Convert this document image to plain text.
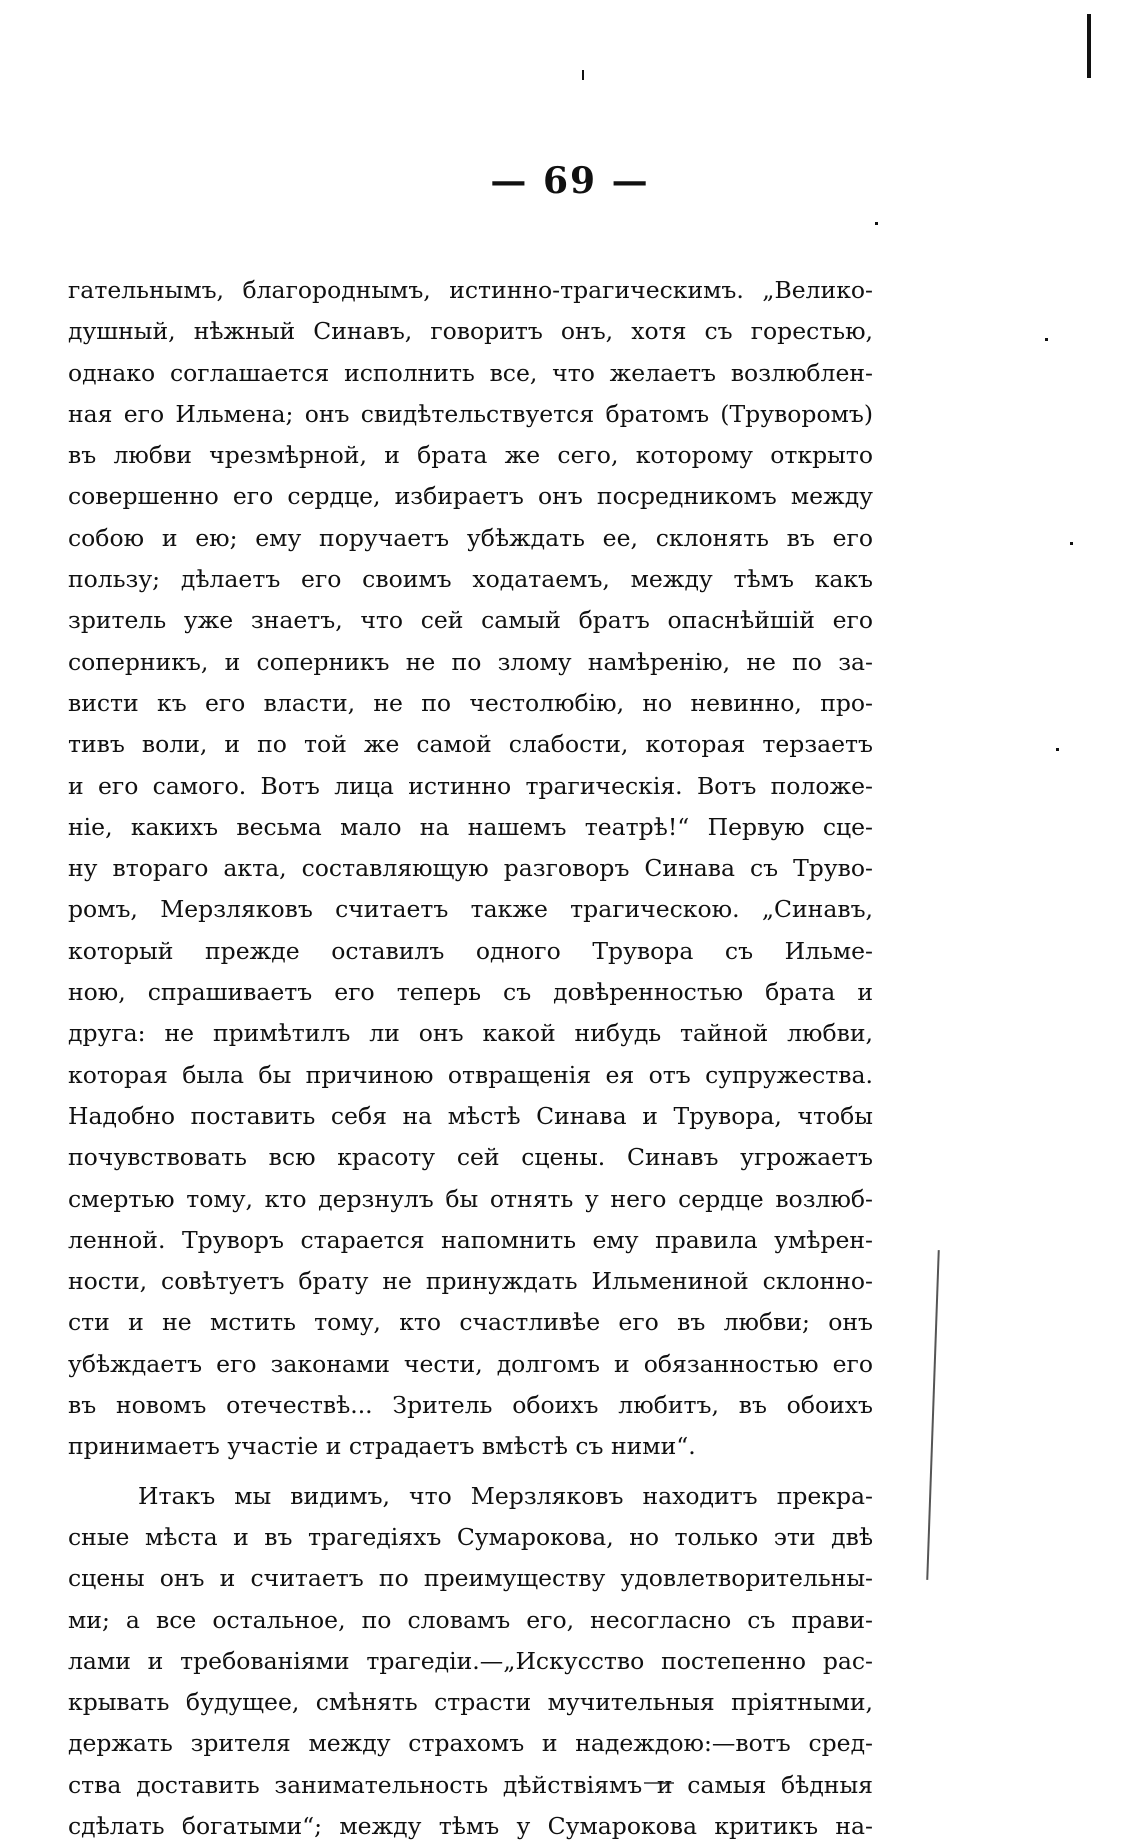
— 69 —
гательнымъ, благороднымъ, истинно-трагическимъ. „Велико-
душный, нѣжный Синавъ, говоритъ онъ, хотя съ горестью,
однако соглашается исполнить все, что желаетъ возлюблен-
ная его Ильмена; онъ свидѣтельствуется братомъ (Труворомъ)
въ любви чрезмѣрной, и брата же сего, которому открыто
совершенно его сердце, избираетъ онъ посредникомъ между
собою и ею; ему поручаетъ убѣждать ее, склонять въ его
пользу; дѣлаетъ его своимъ ходатаемъ, между тѣмъ какъ
зритель уже знаетъ, что сей самый братъ опаснѣйшій его
соперникъ, и соперникъ не по злому намѣренію, не по за-
висти къ его власти, не по честолюбію, но невинно, про-
тивъ воли, и по той же самой слабости, которая терзаетъ
и его самого. Вотъ лица истинно трагическія. Вотъ положе-
ніе, какихъ весьма мало на нашемъ театрѣ!“ Первую сце-
ну втораго акта, составляющую разговоръ Синава съ Труво-
ромъ, Мерзляковъ считаетъ также трагическою. „Синавъ,
который прежде оставилъ одного Трувора съ Ильме-
ною, спрашиваетъ его теперь съ довѣренностью брата и
друга: не примѣтилъ ли онъ какой нибудь тайной любви,
которая была бы причиною отвращенія ея отъ супружества.
Надобно поставить себя на мѣстѣ Синава и Трувора, чтобы
почувствовать всю красоту сей сцены. Синавъ угрожаетъ
смертью тому, кто дерзнулъ бы отнять у него сердце возлюб-
ленной. Труворъ старается напомнить ему правила умѣрен-
ности, совѣтуетъ брату не принуждать Ильмениной склонно-
сти и не мстить тому, кто счастливѣе его въ любви; онъ
убѣждаетъ его законами чести, долгомъ и обязанностью его
въ новомъ отечествѣ... Зритель обоихъ любитъ, въ обоихъ
принимаетъ участіе и страдаетъ вмѣстѣ съ ними“.
Итакъ мы видимъ, что Мерзляковъ находитъ прекра-
сные мѣста и въ трагедіяхъ Сумарокова, но только эти двѣ
сцены онъ и считаетъ по преимуществу удовлетворительны-
ми; а все остальное, по словамъ его, несогласно съ прави-
лами и требованіями трагедіи.—„Искусство постепенно рас-
крывать будущее, смѣнять страсти мучительныя пріятными,
держать зрителя между страхомъ и надеждою:—вотъ сред-
ства доставить занимательность дѣйствіямъ и самыя бѣдныя
сдѣлать богатыми“; между тѣмъ у Сумарокова критикъ на-
